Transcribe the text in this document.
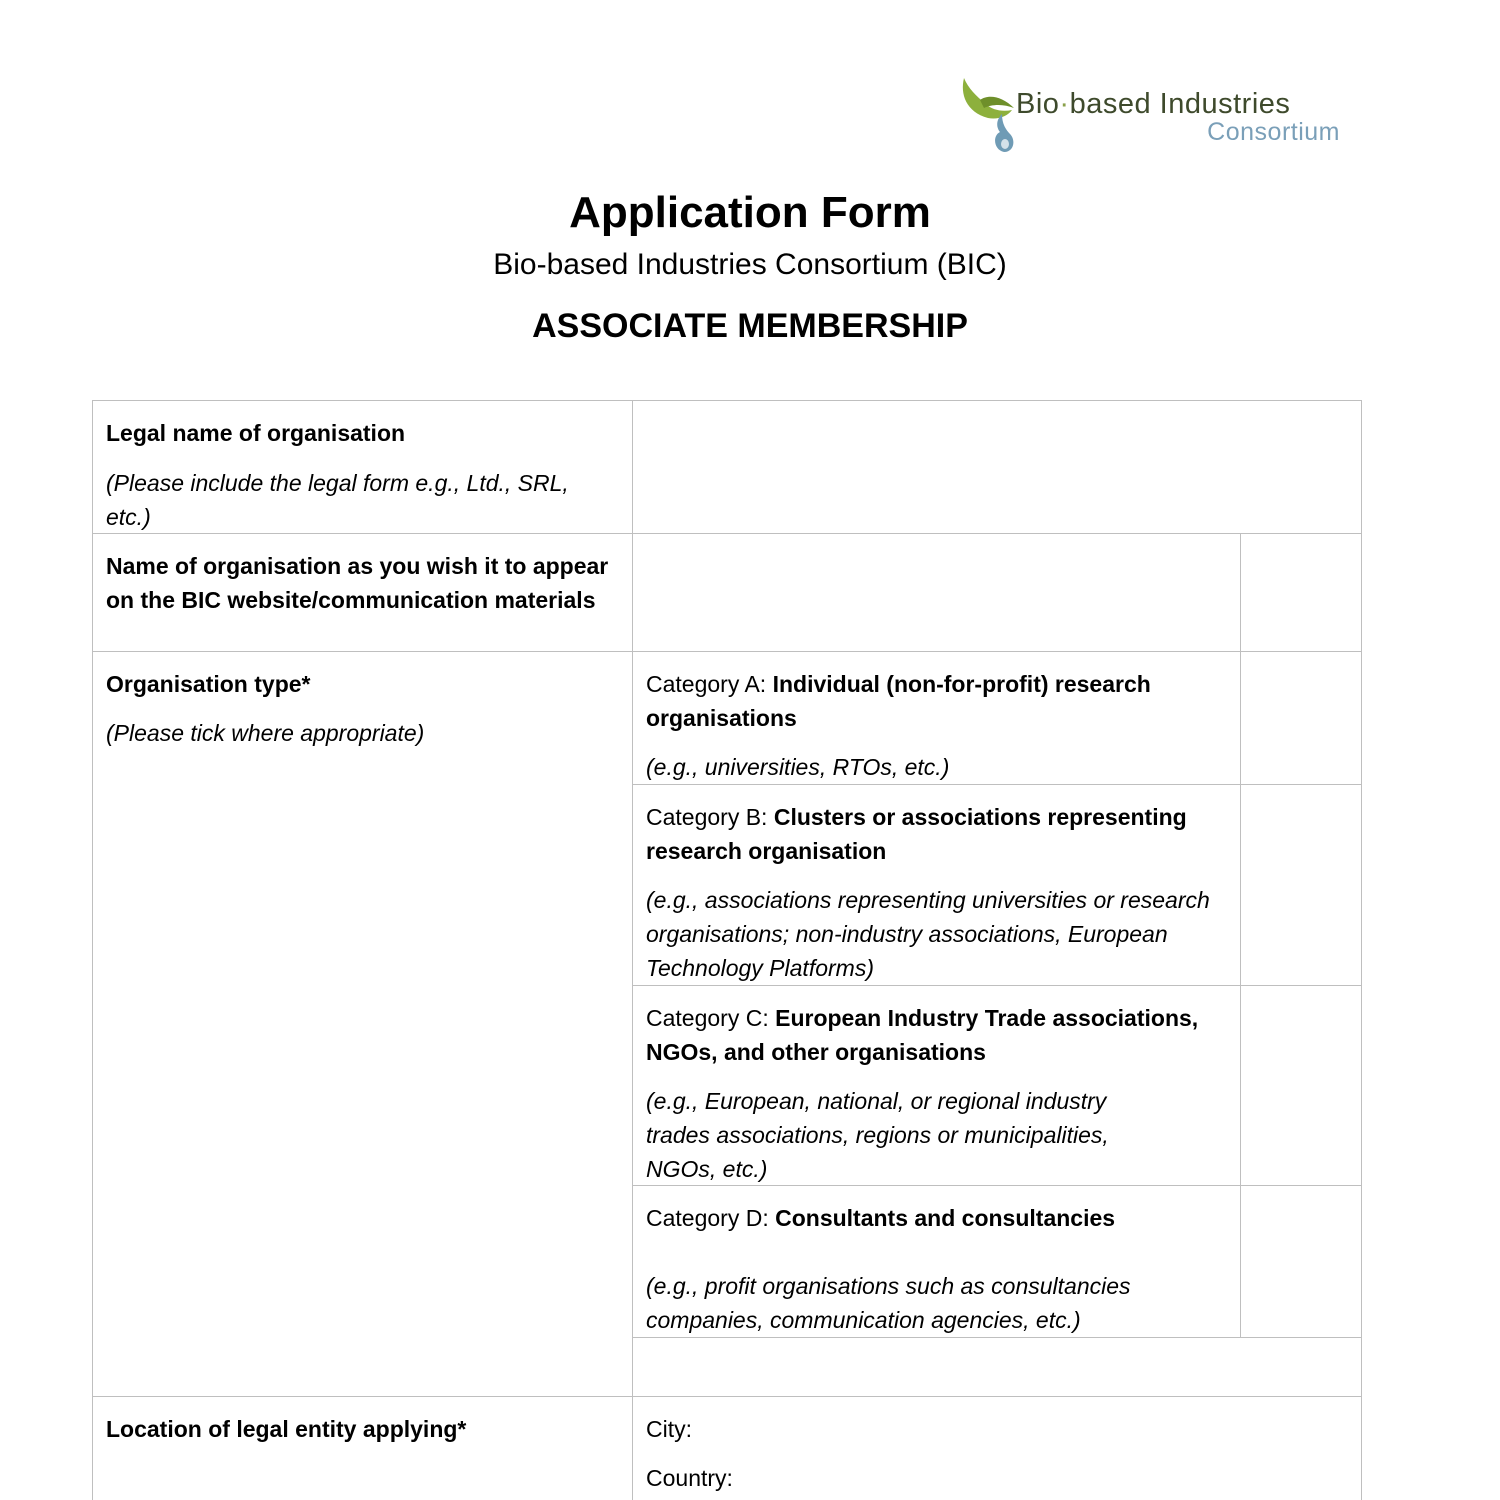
Bio·based Industries
Consortium
Application Form
Bio-based Industries Consortium (BIC)
ASSOCIATE MEMBERSHIP
Legal name of organisation
(Please include the legal form e.g., Ltd., SRL, etc.)
Name of organisation as you wish it to appear on the BIC website/communication materials
Organisation type*
(Please tick where appropriate)
Category A: Individual (non-for-profit) research organisations
(e.g., universities, RTOs, etc.)
Category B: Clusters or associations representing research organisation
(e.g., associations representing universities or research organisations; non-industry associations, European Technology Platforms)
Category C: European Industry Trade associations, NGOs, and other organisations
(e.g., European, national, or regional industry trades associations, regions or municipalities, NGOs, etc.)
Category D: Consultants and consultancies
(e.g., profit organisations such as consultancies companies, communication agencies, etc.)
Location of legal entity applying*	City:
Country:
